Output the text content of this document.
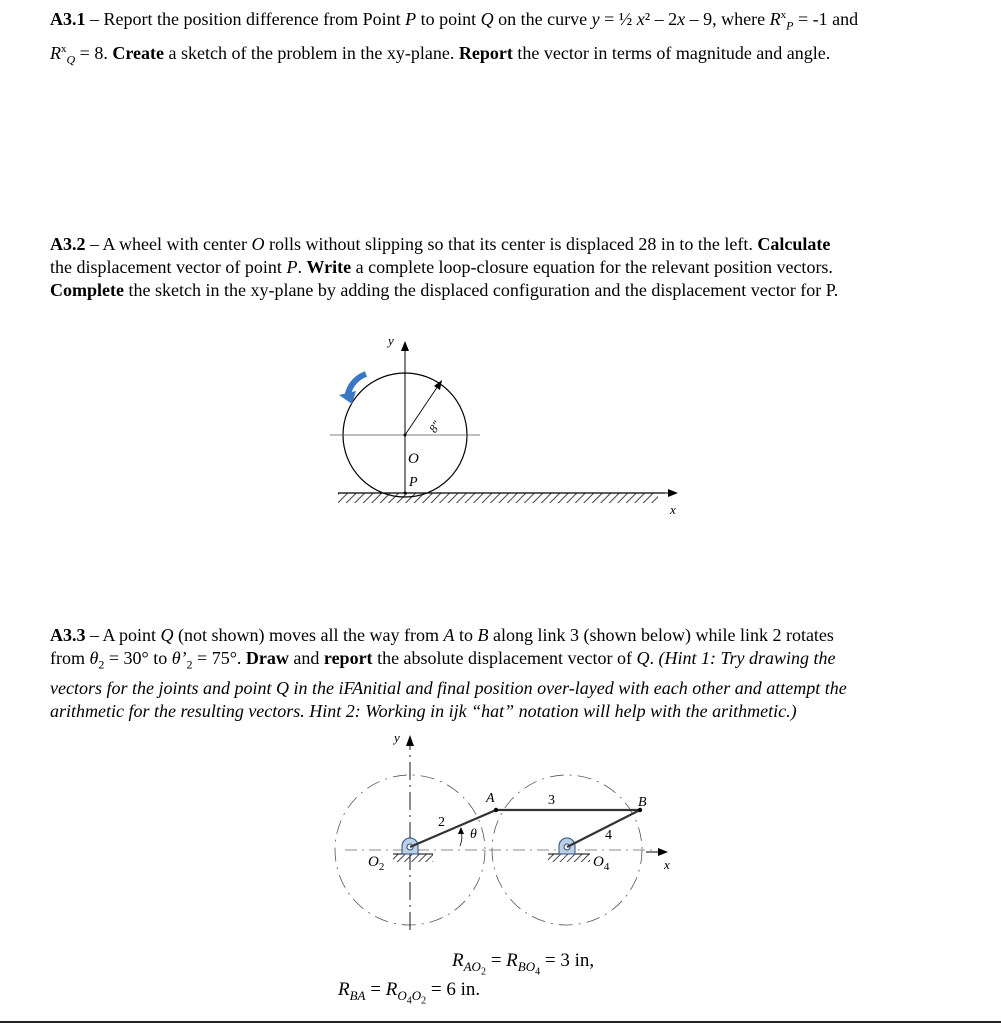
A3.1 – Report the position difference from Point P to point Q on the curve y = ½ x² – 2x – 9, where $R^x_P = -1$ and
$R^x_Q = 8$. Create a sketch of the problem in the xy-plane. Report the vector in terms of magnitude and angle.
A3.2 – A wheel with center O rolls without slipping so that its center is displaced 28 in to the left. Calculate
the displacement vector of point P. Write a complete loop-closure equation for the relevant position vectors.
Complete the sketch in the xy-plane by adding the displaced configuration and the displacement vector for P.
x
y
8"
O
P
A3.3 – A point Q (not shown) moves all the way from A to B along link 3 (shown below) while link 2 rotates
from $\theta_2 = 30^\circ$ to $\theta’_2 = 75^\circ$. Draw and report the absolute displacement vector of Q. (Hint 1: Try drawing the
vectors for the joints and point Q in the iFAnitial and final position over-layed with each other and attempt the
arithmetic for the resulting vectors. Hint 2: Working in ijk “hat” notation will help with the arithmetic.)
y
x
A	B
2
3
4
θ
$O_2$	$O_4$
$R_{AO_2} = R_{BO_4} = 3$ in,
$R_{BA} = R_{O_4O_2} = 6$ in.
